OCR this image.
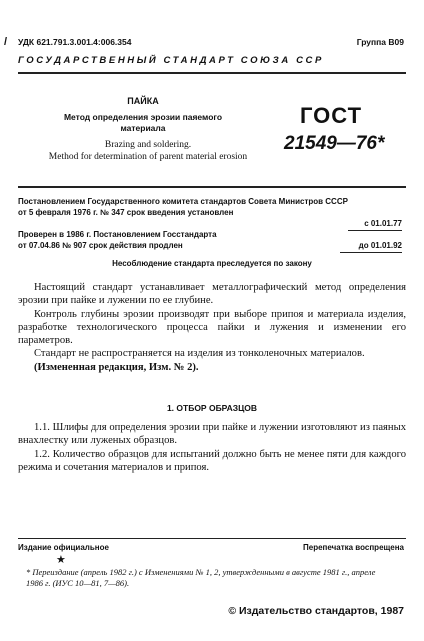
/ УДК 621.791.3.001.4:006.354	Группа В09
ГОСУДАРСТВЕННЫЙ СТАНДАРТ СОЮЗА ССР
ПАЙКА
Метод определения эрозии паяемого
материала
Brazing and soldering.
Method for determination of parent material erosion
ГОСТ
21549—76*
Постановлением Государственного комитета стандартов Совета Министров СССР
от 5 февраля 1976 г. № 347 срок введения установлен
с 01.01.77
Проверен в 1986 г. Постановлением Госстандарта
от 07.04.86 № 907 срок действия продлен	до 01.01.92
Несоблюдение стандарта преследуется по закону

Настоящий стандарт устанавливает металлографический метод определения эрозии при пайке и лужении по ее глубине.

Контроль глубины эрозии производят при выборе припоя и материала изделия, разработке технологического процесса пайки и лужения и изменении его параметров.

Стандарт не распространяется на изделия из тонколеночных материалов.

(Измененная редакция, Изм. № 2).

1. ОТБОР ОБРАЗЦОВ

1.1. Шлифы для определения эрозии при пайке и лужении изготовляют из паяных внахлестку или луженых образцов.

1.2. Количество образцов для испытаний должно быть не менее пяти для каждого режима и сочетания материалов и припоя.

Издание официальное	Перепечатка воспрещена
★
* Переиздание (апрель 1982 г.) с Изменениями № 1, 2, утвержденными в августе 1981 г., апреле 1986 г. (ИУС 10—81, 7—86).
© Издательство стандартов, 1987
